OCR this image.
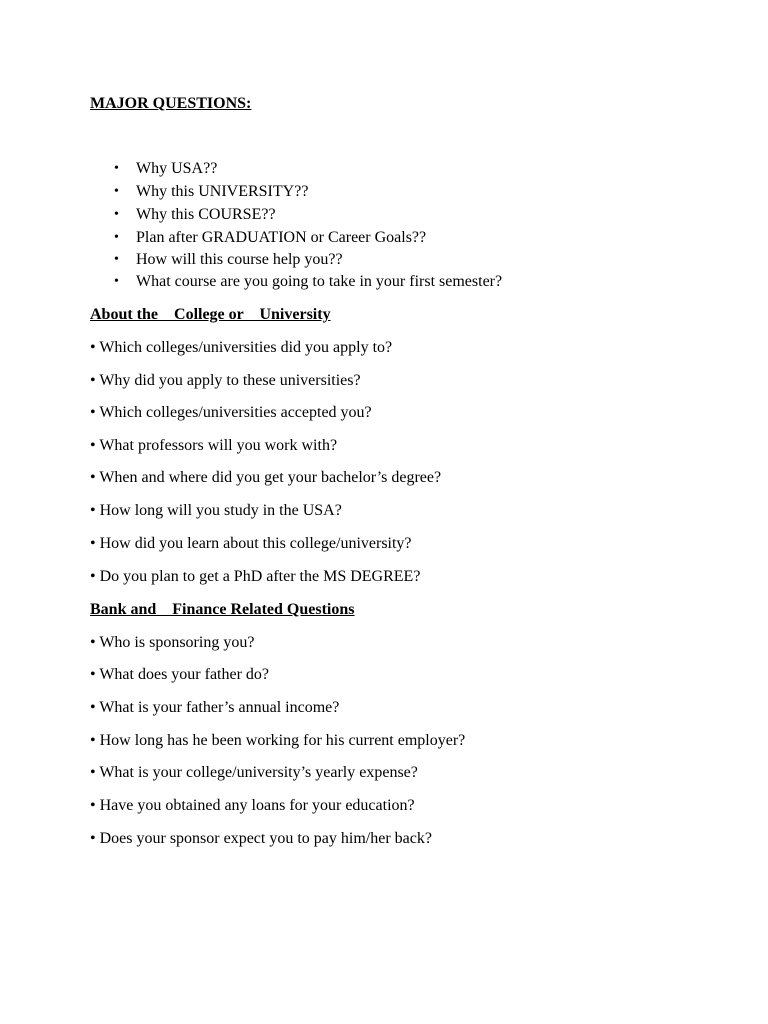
MAJOR QUESTIONS:
•	Why USA??
•	Why this UNIVERSITY??
•	Why this COURSE??
•	Plan after GRADUATION or Career Goals??
•	How will this course help you??
•	What course are you going to take in your first semester?
About the    College or    University
• Which colleges/universities did you apply to?
• Why did you apply to these universities?
• Which colleges/universities accepted you?
• What professors will you work with?
• When and where did you get your bachelor’s degree?
• How long will you study in the USA?
• How did you learn about this college/university?
• Do you plan to get a PhD after the MS DEGREE?
Bank and    Finance Related Questions
• Who is sponsoring you?
• What does your father do?
• What is your father’s annual income?
• How long has he been working for his current employer?
• What is your college/university’s yearly expense?
• Have you obtained any loans for your education?
• Does your sponsor expect you to pay him/her back?
